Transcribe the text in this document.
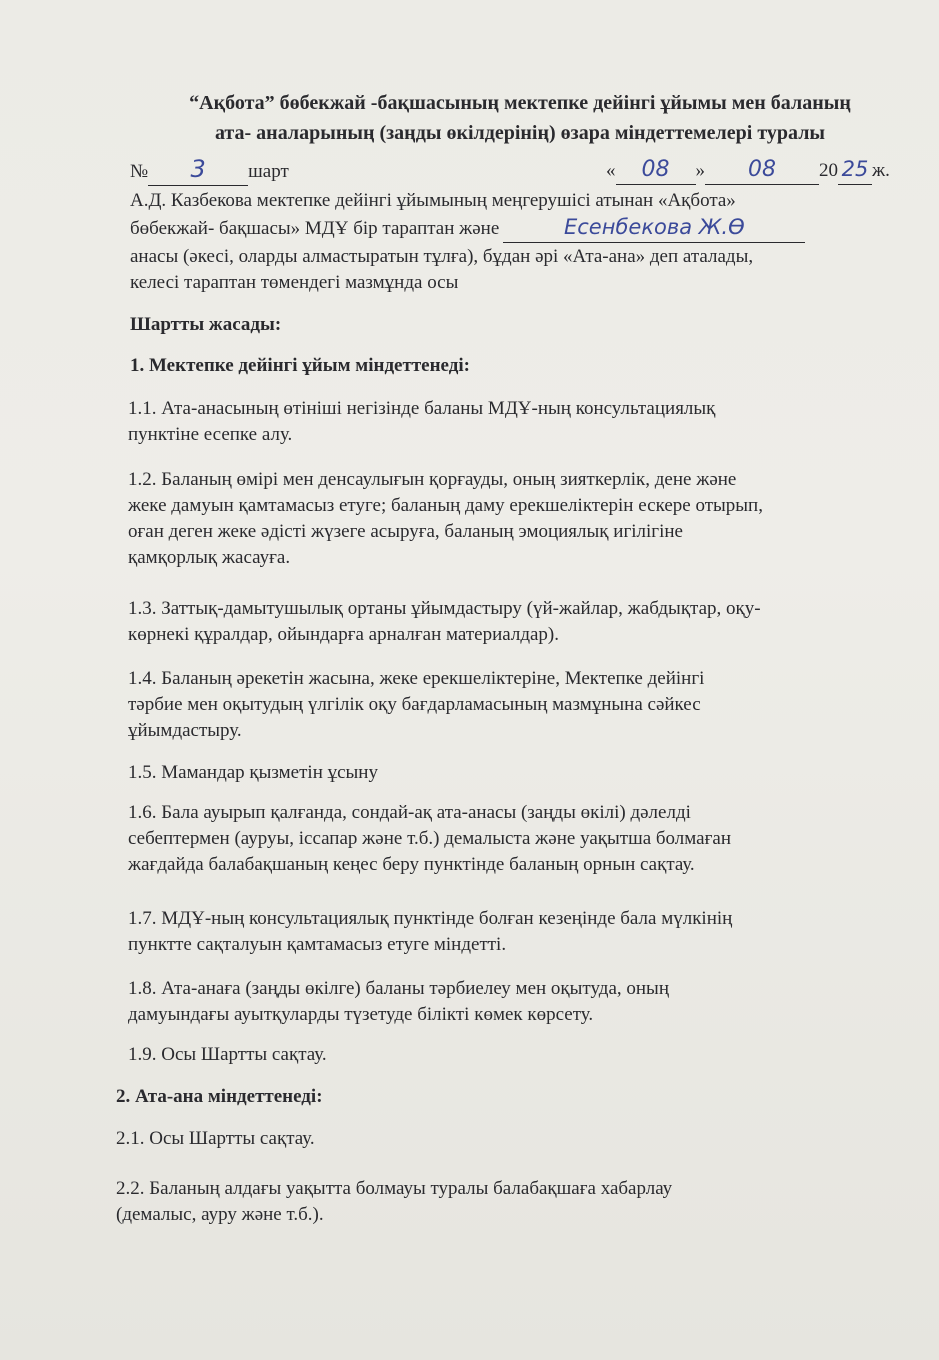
“Ақбота” бөбекжай -бақшасының мектепке дейінгі ұйымы мен баланың
ата- аналарының (заңды өкілдерінің) өзара міндеттемелері туралы
№ 3 шарт	« 08 » 08 20 25 ж.
А.Д. Казбекова мектепке дейінгі ұйымының меңгерушісі атынан «Ақбота»
бөбекжай- бақшасы» МДҰ бір тараптан және	Есенбекова Ж.Ө
анасы (әкесі, оларды алмастыратын тұлға), бұдан әрі «Ата-ана» деп аталады,
келесі тараптан төмендегі мазмұнда осы
Шартты жасады:
1. Мектепке дейінгі ұйым міндеттенеді:
1.1. Ата-анасының өтініші негізінде баланы МДҰ-ның консультациялық
пунктіне есепке алу.
1.2. Баланың өмірі мен денсаулығын қорғауды, оның зияткерлік, дене және
жеке дамуын қамтамасыз етуге; баланың даму ерекшеліктерін ескере отырып,
оған деген жеке әдісті жүзеге асыруға, баланың эмоциялық игілігіне
қамқорлық жасауға.
1.3. Заттық-дамытушылық ортаны ұйымдастыру (үй-жайлар, жабдықтар, оқу-
көрнекі құралдар, ойындарға арналған материалдар).
1.4. Баланың әрекетін жасына, жеке ерекшеліктеріне, Мектепке дейінгі
тәрбие мен оқытудың үлгілік оқу бағдарламасының мазмұнына сәйкес
ұйымдастыру.
1.5. Мамандар қызметін ұсыну
1.6. Бала ауырып қалғанда, сондай-ақ ата-анасы (заңды өкілі) дәлелді
себептермен (ауруы, іссапар және т.б.) демалыста және уақытша болмаған
жағдайда балабақшаның кеңес беру пунктінде баланың орнын сақтау.
1.7. МДҰ-ның консультациялық пунктінде болған кезеңінде бала мүлкінің
пунктте сақталуын қамтамасыз етуге міндетті.
1.8. Ата-анаға (заңды өкілге) баланы тәрбиелеу мен оқытуда, оның
дамуындағы ауытқуларды түзетуде білікті көмек көрсету.
1.9. Осы Шартты сақтау.
2. Ата-ана міндеттенеді:
2.1. Осы Шартты сақтау.
2.2. Баланың алдағы уақытта болмауы туралы балабақшаға хабарлау
(демалыс, ауру және т.б.).
